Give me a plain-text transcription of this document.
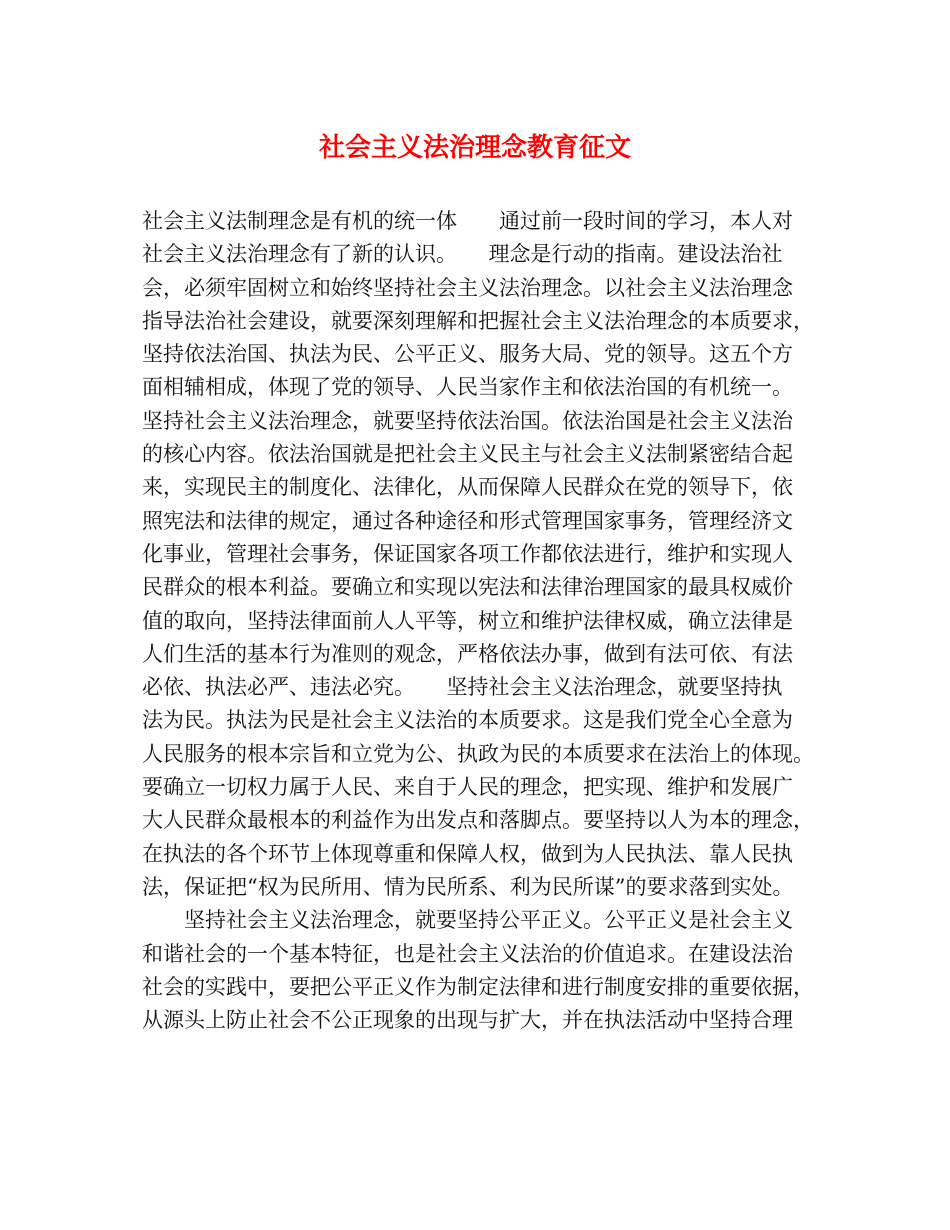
社会主义法治理念教育征文
社会主义法制理念是有机的统一体　　通过前一段时间的学习，本人对
社会主义法治理念有了新的认识。　　理念是行动的指南。建设法治社
会，必须牢固树立和始终坚持社会主义法治理念。以社会主义法治理念
指导法治社会建设，就要深刻理解和把握社会主义法治理念的本质要求，
坚持依法治国、执法为民、公平正义、服务大局、党的领导。这五个方
面相辅相成，体现了党的领导、人民当家作主和依法治国的有机统一。
坚持社会主义法治理念，就要坚持依法治国。依法治国是社会主义法治
的核心内容。依法治国就是把社会主义民主与社会主义法制紧密结合起
来，实现民主的制度化、法律化，从而保障人民群众在党的领导下，依
照宪法和法律的规定，通过各种途径和形式管理国家事务，管理经济文
化事业，管理社会事务，保证国家各项工作都依法进行，维护和实现人
民群众的根本利益。要确立和实现以宪法和法律治理国家的最具权威价
值的取向，坚持法律面前人人平等，树立和维护法律权威，确立法律是
人们生活的基本行为准则的观念，严格依法办事，做到有法可依、有法
必依、执法必严、违法必究。　　坚持社会主义法治理念，就要坚持执
法为民。执法为民是社会主义法治的本质要求。这是我们党全心全意为
人民服务的根本宗旨和立党为公、执政为民的本质要求在法治上的体现。
要确立一切权力属于人民、来自于人民的理念，把实现、维护和发展广
大人民群众最根本的利益作为出发点和落脚点。要坚持以人为本的理念，
在执法的各个环节上体现尊重和保障人权，做到为人民执法、靠人民执
法，保证把“权为民所用、情为民所系、利为民所谋”的要求落到实处。
　　坚持社会主义法治理念，就要坚持公平正义。公平正义是社会主义
和谐社会的一个基本特征，也是社会主义法治的价值追求。在建设法治
社会的实践中，要把公平正义作为制定法律和进行制度安排的重要依据，
从源头上防止社会不公正现象的出现与扩大，并在执法活动中坚持合理
